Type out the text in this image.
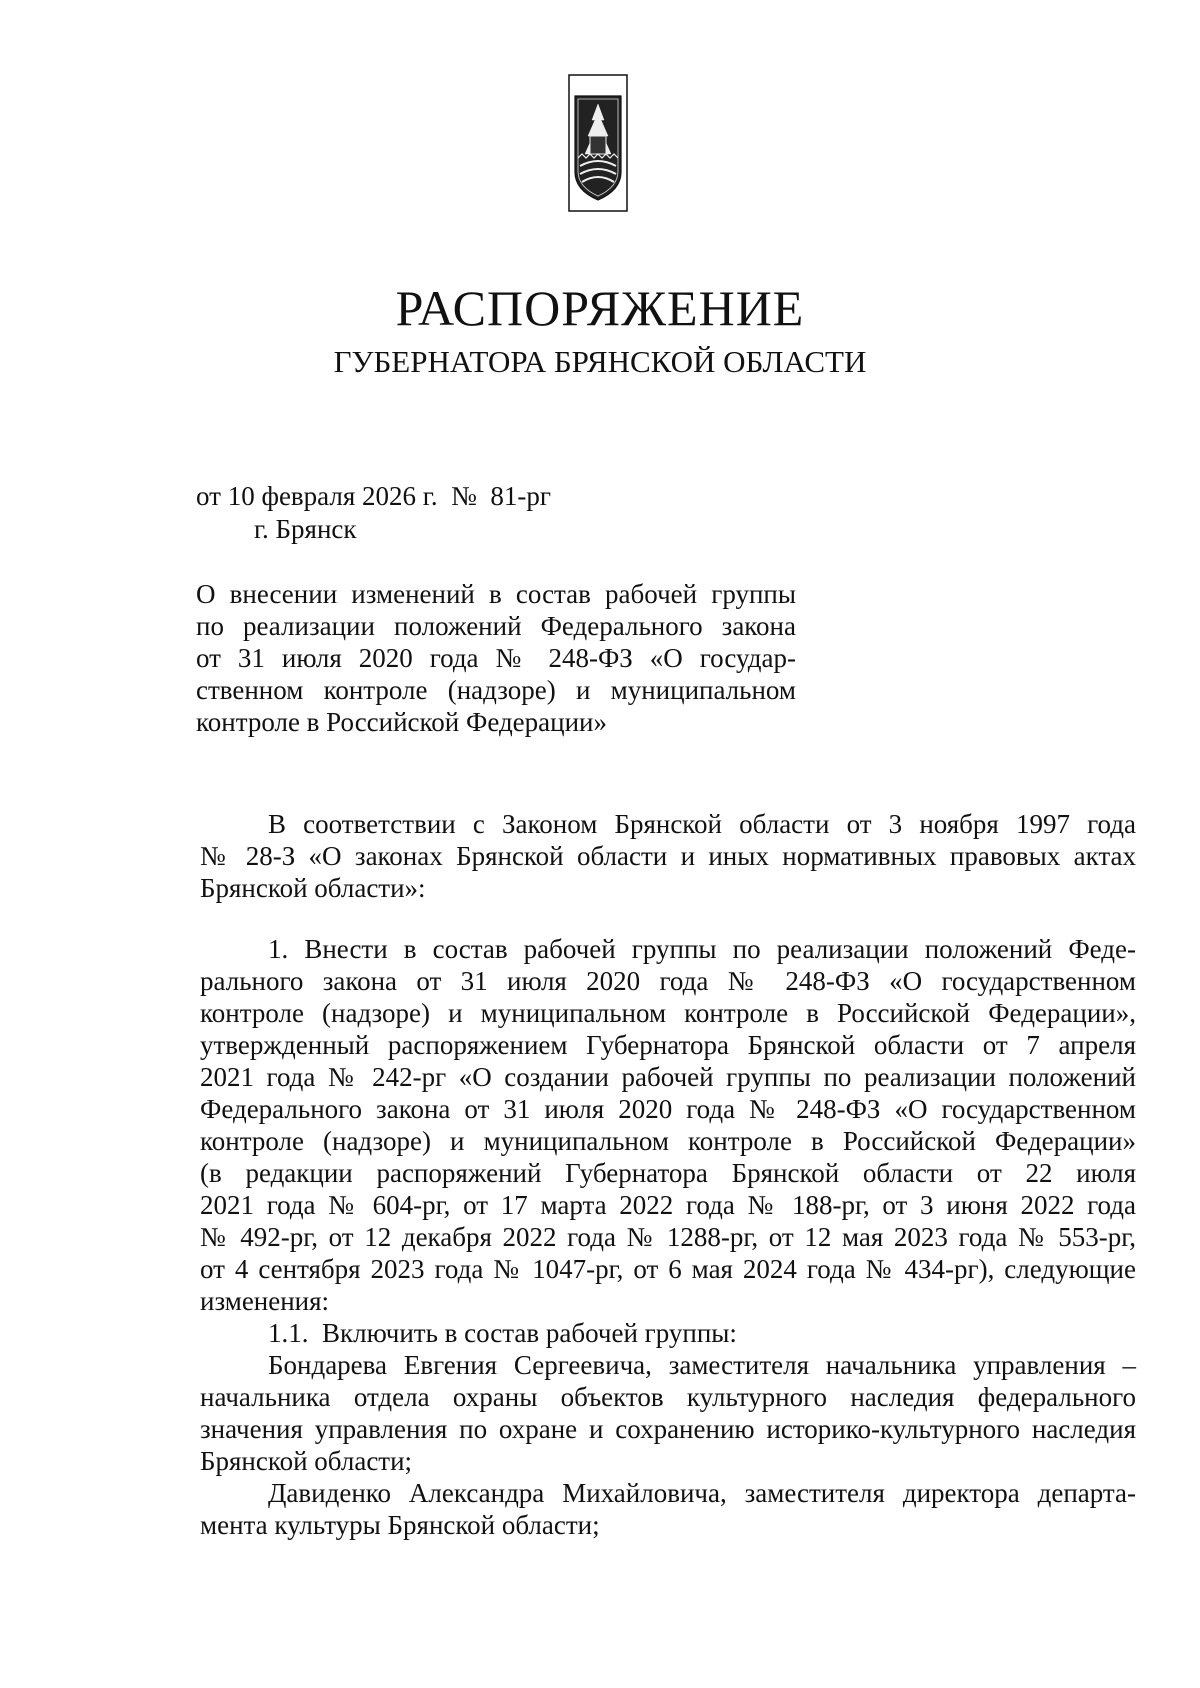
РАСПОРЯЖЕНИЕ
ГУБЕРНАТОРА БРЯНСКОЙ ОБЛАСТИ
от 10 февраля 2026 г.  №  81-рг
г. Брянск
О внесении изменений в состав рабочей группы
по реализации положений Федерального закона
от 31 июля 2020 года № 248-ФЗ «О государ-
ственном контроле (надзоре) и муниципальном
контроле в Российской Федерации»
В соответствии с Законом Брянской области от 3 ноября 1997 года
№ 28-З «О законах Брянской области и иных нормативных правовых актах
Брянской области»:
1. Внести в состав рабочей группы по реализации положений Феде-
рального закона от 31 июля 2020 года № 248-ФЗ «О государственном
контроле (надзоре) и муниципальном контроле в Российской Федерации»,
утвержденный распоряжением Губернатора Брянской области от 7 апреля
2021 года № 242-рг «О создании рабочей группы по реализации положений
Федерального закона от 31 июля 2020 года № 248-ФЗ «О государственном
контроле (надзоре) и муниципальном контроле в Российской Федерации»
(в редакции распоряжений Губернатора Брянской области от 22 июля
2021 года № 604-рг, от 17 марта 2022 года № 188-рг, от 3 июня 2022 года
№ 492-рг, от 12 декабря 2022 года № 1288-рг, от 12 мая 2023 года № 553-рг,
от 4 сентября 2023 года № 1047-рг, от 6 мая 2024 года № 434-рг), следующие
изменения:
1.1.  Включить в состав рабочей группы:
Бондарева Евгения Сергеевича, заместителя начальника управления –
начальника отдела охраны объектов культурного наследия федерального
значения управления по охране и сохранению историко-культурного наследия
Брянской области;
Давиденко Александра Михайловича, заместителя директора департа-
мента культуры Брянской области;
